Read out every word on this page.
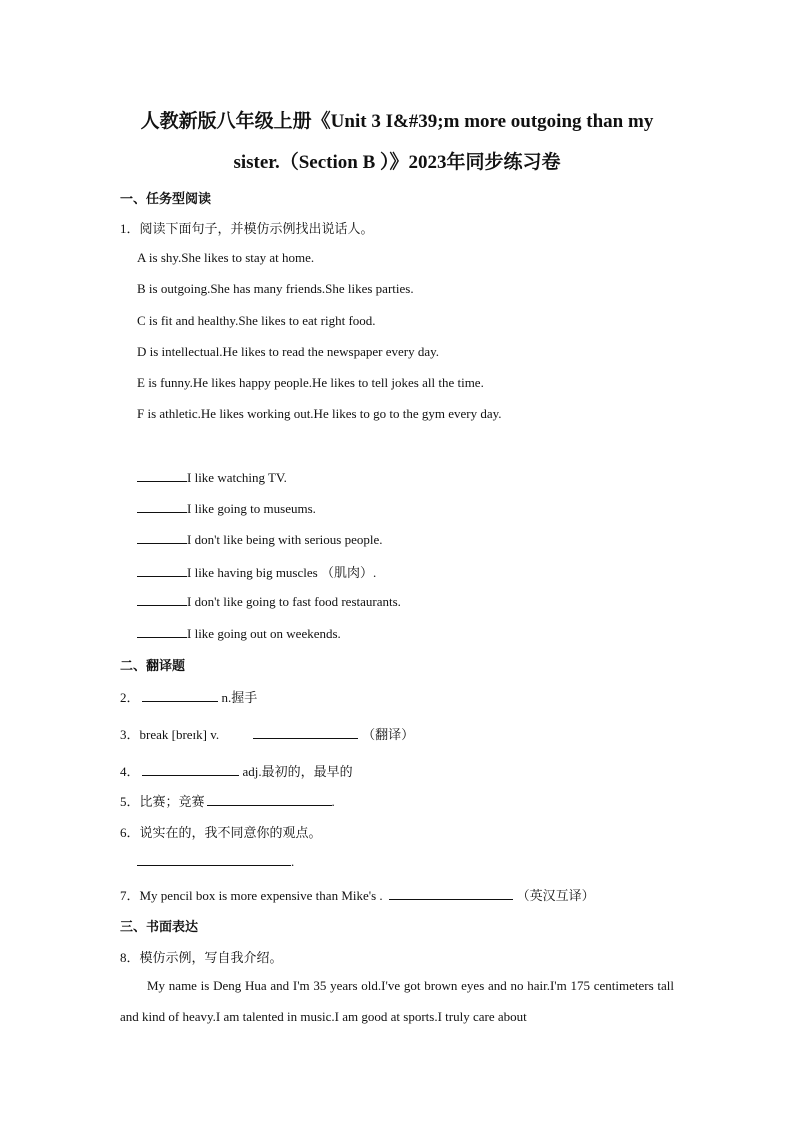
人教新版八年级上册《Unit 3 I&#39;m more outgoing than my
sister.（Section B ）》2023年同步练习卷
一、任务型阅读
1．阅读下面句子，并模仿示例找出说话人。
A is shy.She likes to stay at home.
B is outgoing.She has many friends.She likes parties.
C is fit and healthy.She likes to eat right food.
D is intellectual.He likes to read the newspaper every day.
E is funny.He likes happy people.He likes to tell jokes all the time.
F is athletic.He likes working out.He likes to go to the gym every day.
I like watching TV.
I like going to museums.
I don't like being with serious people.
I like having big muscles （肌肉）.
I don't like going to fast food restaurants.
I like going out on weekends.
二、翻译题
2．	n.握手
3．break [breɪk] v.	（翻译）
4．	adj.最初的，最早的
5．比赛；竞赛	.
6．说实在的，我不同意你的观点。
.
7．My pencil box is more expensive than Mike's .	（英汉互译）
三、书面表达
8．模仿示例，写自我介绍。
My name is Deng Hua and I'm 35 years old.I've got brown eyes and no hair.I'm 175 centimeters tall and kind of heavy.I am talented in music.I am good at sports.I truly care about
